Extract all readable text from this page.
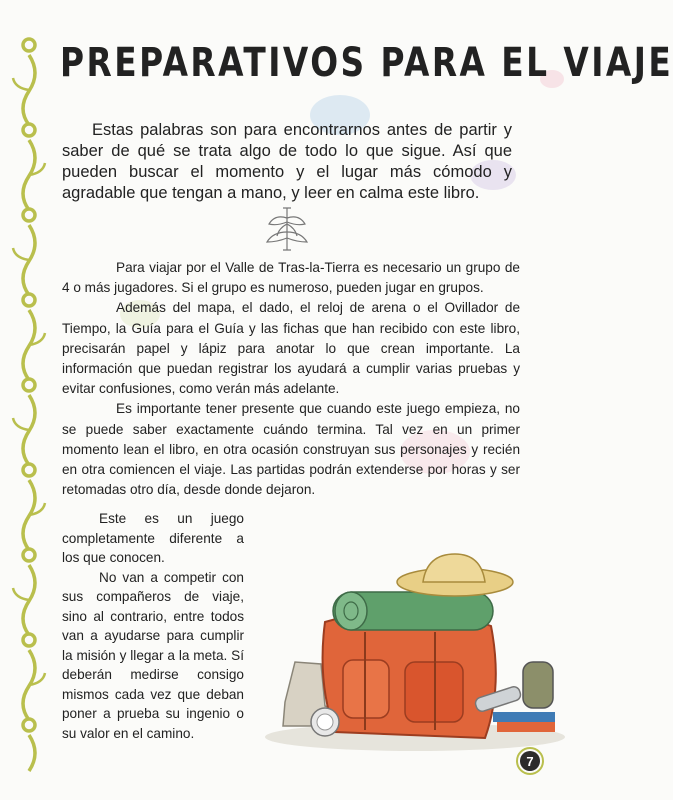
PREPARATIVOS PARA EL VIAJE

Estas palabras son para encontrarnos antes de partir y saber de qué se trata algo de todo lo que sigue. Así que pueden buscar el momento y el lugar más cómodo y agradable que tengan a mano, y leer en calma este libro.

Para viajar por el Valle de Tras-la-Tierra es necesario un grupo de 4 o más jugadores. Si el grupo es numeroso, pueden jugar en grupos.

Además del mapa, el dado, el reloj de arena o el Ovillador de Tiempo, la Guía para el Guía y las fichas que han recibido con este libro, precisarán papel y lápiz para anotar lo que crean importante. La información que puedan registrar los ayudará a cumplir varias pruebas y evitar confusiones, como verán más adelante.

Es importante tener presente que cuando este juego empieza, no se puede saber exactamente cuándo termina. Tal vez en un primer momento lean el libro, en otra ocasión construyan sus personajes y recién en otra comiencen el viaje. Las partidas podrán extenderse por horas y ser retomadas otro día, desde donde dejaron.

Este es un juego completamente diferente a los que conocen.

No van a competir con sus compañeros de viaje, sino al contrario, entre todos van a ayudarse para cumplir la misión y llegar a la meta. Sí deberán medirse consigo mismos cada vez que deban poner a prueba su ingenio o su valor en el camino.

7
